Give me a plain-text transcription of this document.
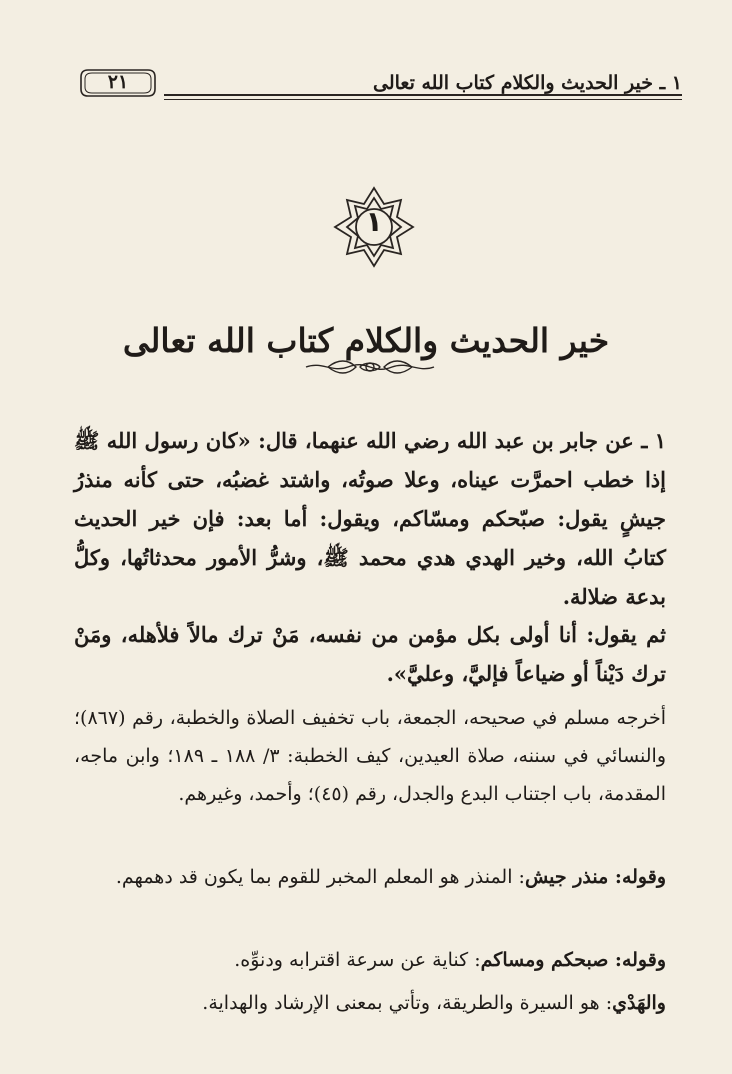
١ ـ خير الحديث والكلام كتاب الله تعالى
٢١
١
خير الحديث والكلام كتاب الله تعالى
١ ـ عن جابر بن عبد الله رضي الله عنهما، قال: «كان رسول الله ﷺ إذا خطب احمرَّت عيناه، وعلا صوتُه، واشتد غضبُه، حتى كأنه منذرُ جيشٍ يقول: صبّحكم ومسّاكم، ويقول: أما بعد: فإن خير الحديث كتابُ الله، وخير الهدي هدي محمد ﷺ، وشرُّ الأمور محدثاتُها، وكلُّ بدعة ضلالة.
ثم يقول: أنا أولى بكل مؤمن من نفسه، مَنْ ترك مالاً فلأهله، ومَنْ ترك دَيْناً أو ضياعاً فإليَّ، وعليَّ».
أخرجه مسلم في صحيحه، الجمعة، باب تخفيف الصلاة والخطبة، رقم (٨٦٧)؛ والنسائي في سننه، صلاة العيدين، كيف الخطبة: ٣/ ١٨٨ ـ ١٨٩؛ وابن ماجه، المقدمة، باب اجتناب البدع والجدل، رقم (٤٥)؛ وأحمد، وغيرهم.
وقوله: منذر جيش: المنذر هو المعلم المخبر للقوم بما يكون قد دهمهم.
وقوله: صبحكم ومساكم: كناية عن سرعة اقترابه ودنوِّه.
والهَدْي: هو السيرة والطريقة، وتأتي بمعنى الإرشاد والهداية.
